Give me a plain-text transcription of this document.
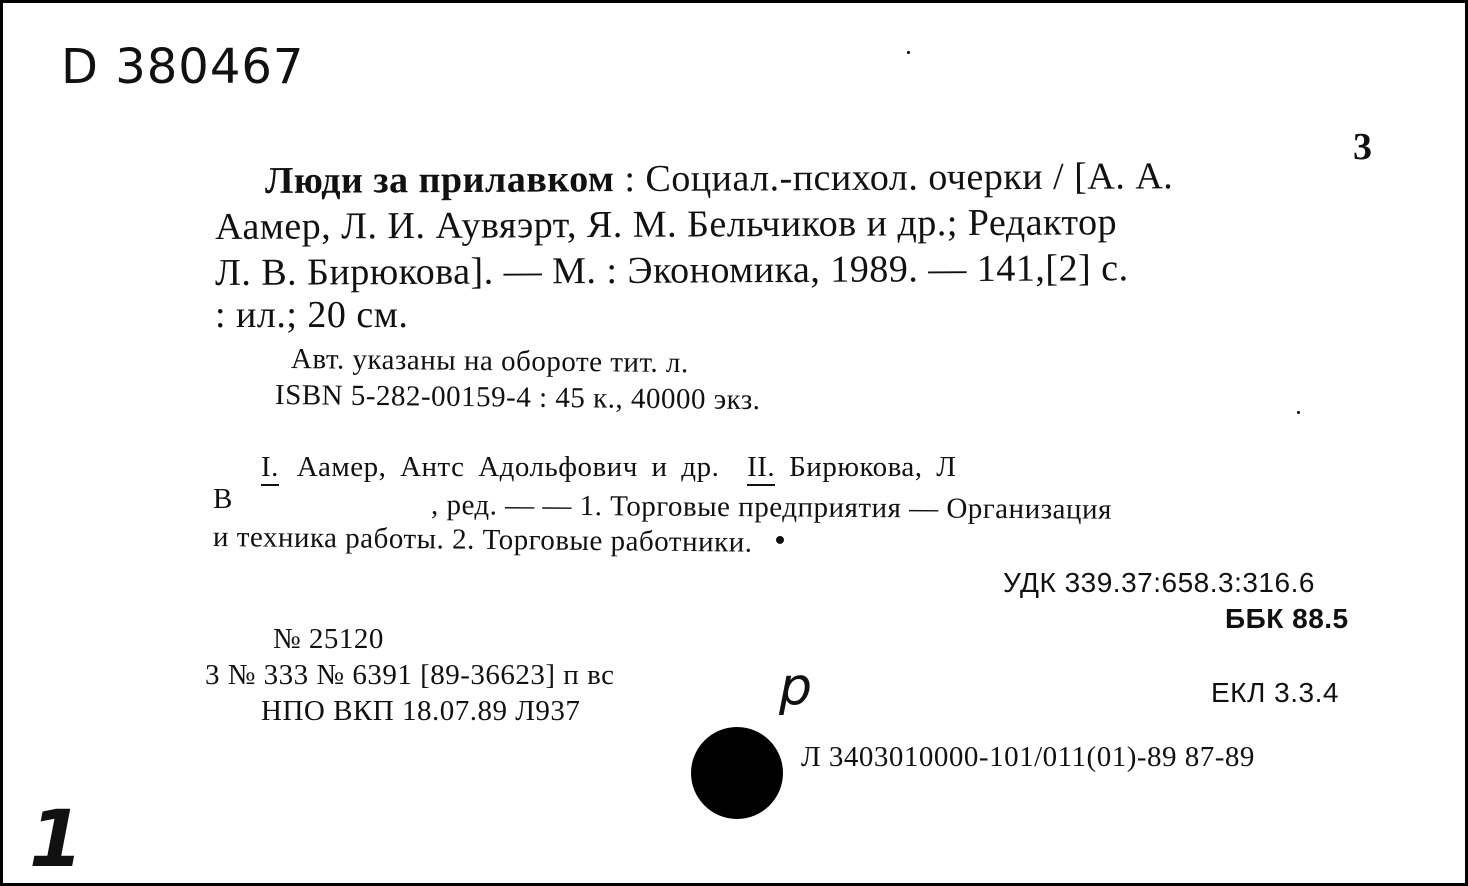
D 380467
3
Люди за прилавком : Социал.-психол. очерки / [А. А.
Аамер, Л. И. Аувяэрт, Я. М. Бельчиков и др.; Редактор
Л. В. Бирюкова]. — М. : Экономика, 1989. — 141,[2] с.
: ил.; 20 см.
Авт. указаны на обороте тит. л.
ISBN 5-282-00159-4 : 45 к., 40000 экз.
I. Аамер, Антс Адольфович и др. II. Бирюкова, Л
В	, ред. — — 1. Торговые предприятия — Организация
и техника работы. 2. Торговые работники.
УДК 339.37:658.3:316.6
ББК 88.5
ЕКЛ 3.3.4
№ 25120
3 № 333 № 6391 [89-36623] п вс
НПО ВКП 18.07.89 Л937	р
1
Л 3403010000-101/011(01)-89 87-89
